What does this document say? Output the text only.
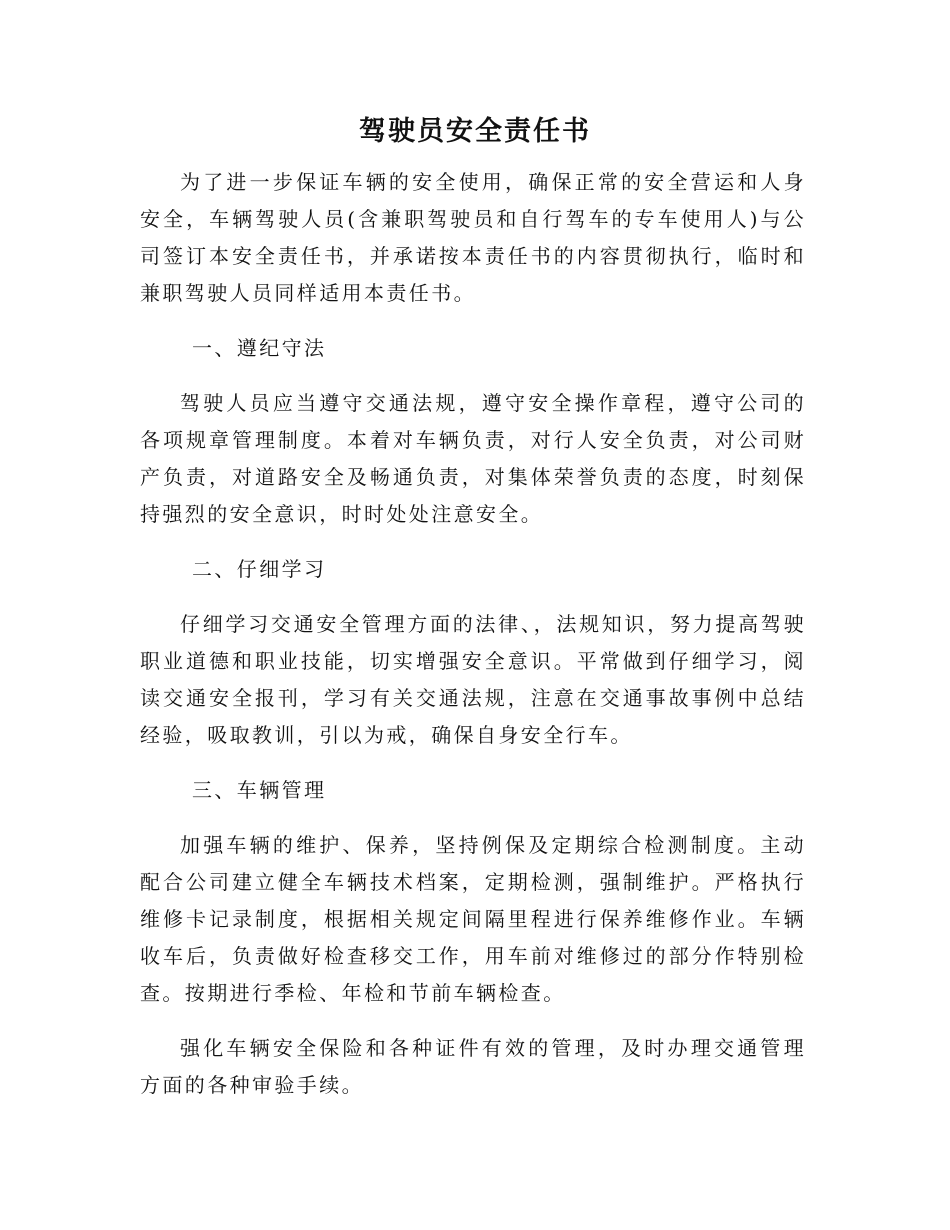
驾驶员安全责任书

为了进一步保证车辆的安全使用，确保正常的安全营运和人身安全，车辆驾驶人员(含兼职驾驶员和自行驾车的专车使用人)与公司签订本安全责任书，并承诺按本责任书的内容贯彻执行，临时和兼职驾驶人员同样适用本责任书。

一、遵纪守法

驾驶人员应当遵守交通法规，遵守安全操作章程，遵守公司的各项规章管理制度。本着对车辆负责，对行人安全负责，对公司财产负责，对道路安全及畅通负责，对集体荣誉负责的态度，时刻保持强烈的安全意识，时时处处注意安全。

二、仔细学习

仔细学习交通安全管理方面的法律、，法规知识，努力提高驾驶职业道德和职业技能，切实增强安全意识。平常做到仔细学习，阅读交通安全报刊，学习有关交通法规，注意在交通事故事例中总结经验，吸取教训，引以为戒，确保自身安全行车。

三、车辆管理

加强车辆的维护、保养，坚持例保及定期综合检测制度。主动配合公司建立健全车辆技术档案，定期检测，强制维护。严格执行维修卡记录制度，根据相关规定间隔里程进行保养维修作业。车辆收车后，负责做好检查移交工作，用车前对维修过的部分作特别检查。按期进行季检、年检和节前车辆检查。

强化车辆安全保险和各种证件有效的管理，及时办理交通管理方面的各种审验手续。
